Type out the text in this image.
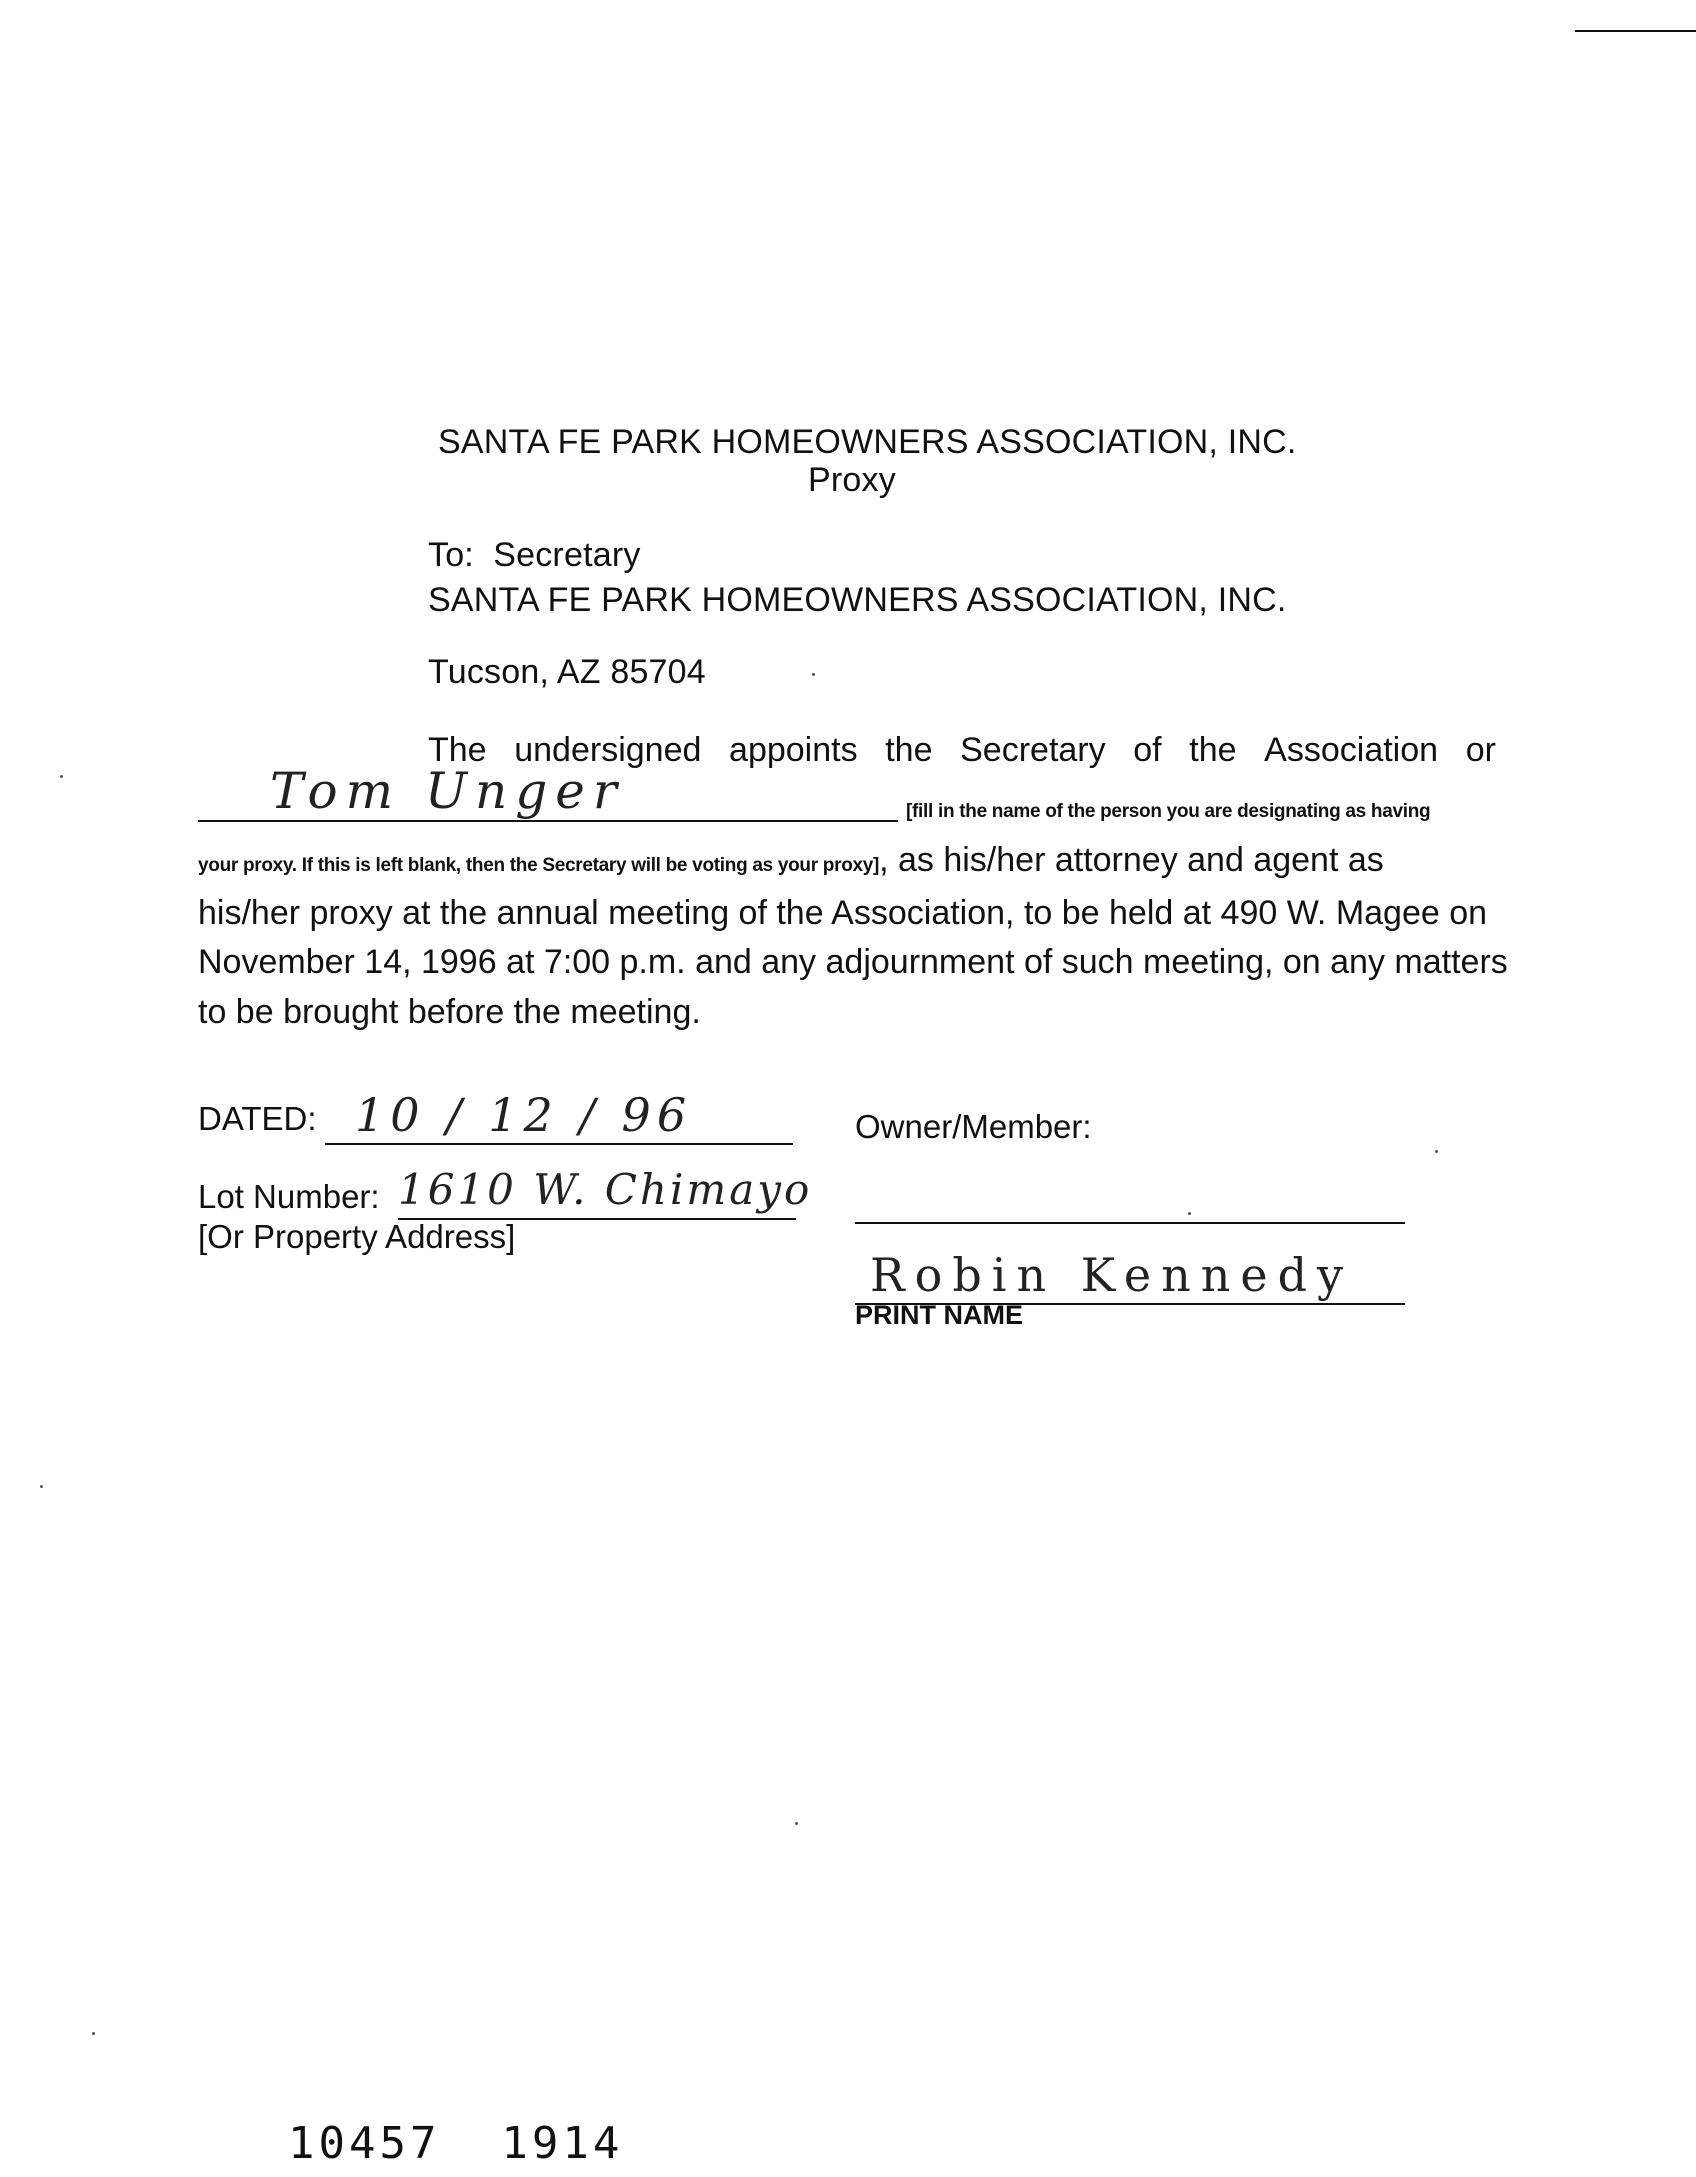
SANTA FE PARK HOMEOWNERS ASSOCIATION, INC.
Proxy
To:  Secretary
SANTA FE PARK HOMEOWNERS ASSOCIATION, INC.
Tucson, AZ 85704
The undersigned appoints the Secretary of the Association or
Tom Unger	[fill in the name of the person you are designating as having
your proxy. If this is left blank, then the Secretary will be voting as your proxy], as his/her attorney and agent as
his/her proxy at the annual meeting of the Association, to be held at 490 W. Magee on
November 14, 1996 at 7:00 p.m. and any adjournment of such meeting, on any matters
to be brought before the meeting.
DATED: 10 / 12 / 96	Owner/Member:
Lot Number: 1610 W. Chimayo
[Or Property Address]
Robin Kennedy
PRINT NAME
10457  1914
